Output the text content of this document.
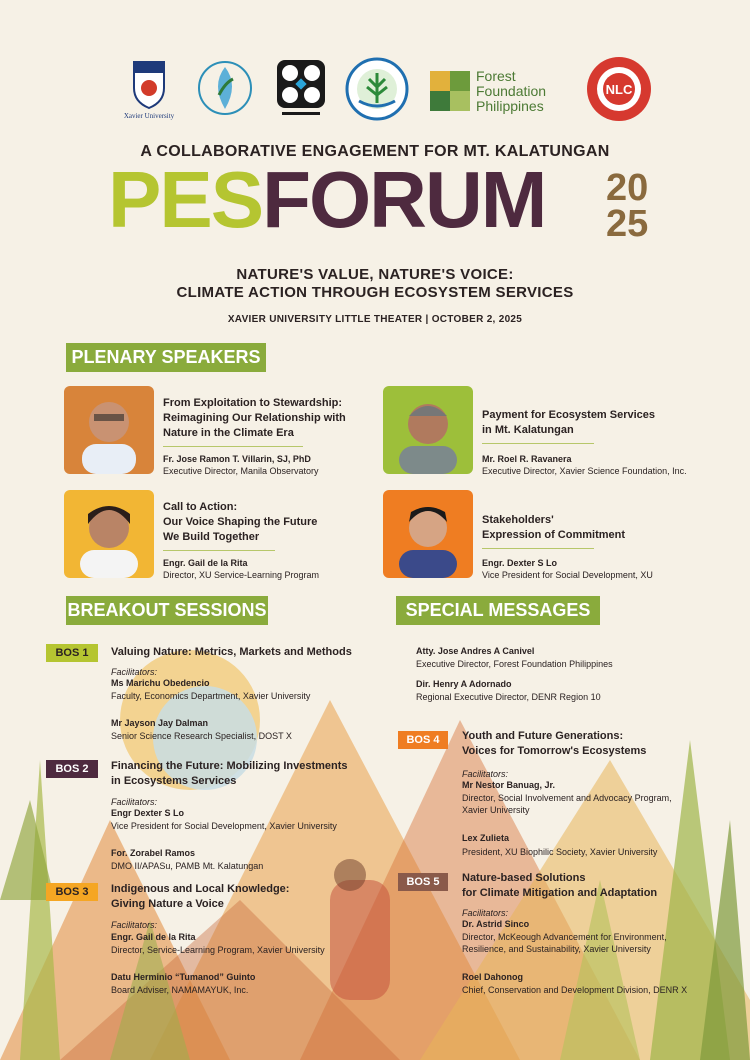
Xavier University
Forest Foundation Philippines
NLC
A COLLABORATIVE ENGAGEMENT FOR MT. KALATUNGAN
PESFORUM 20
25
NATURE'S VALUE, NATURE'S VOICE:
CLIMATE ACTION THROUGH ECOSYSTEM SERVICES
XAVIER UNIVERSITY LITTLE THEATER | OCTOBER 2, 2025
PLENARY SPEAKERS
From Exploitation to Stewardship:
Reimagining Our Relationship with
Nature in the Climate Era
Fr. Jose Ramon T. Villarin, SJ, PhD
Executive Director, Manila Observatory
Payment for Ecosystem Services
in Mt. Kalatungan
Mr. Roel R. Ravanera
Executive Director, Xavier Science Foundation, Inc.
Call to Action:
Our Voice Shaping the Future
We Build Together
Engr. Gail de la Rita
Director, XU Service-Learning Program
Stakeholders'
Expression of Commitment
Engr. Dexter S Lo
Vice President for Social Development, XU
BREAKOUT SESSIONS	SPECIAL MESSAGES
BOS 1	Valuing Nature: Metrics, Markets and Methods
Facilitators:
Ms Marichu Obedencio
Faculty, Economics Department, Xavier University
Mr Jayson Jay Dalman
Senior Science Research Specialist, DOST X
BOS 2	Financing the Future: Mobilizing Investments
in Ecosystems Services
Facilitators:
Engr Dexter S Lo
Vice President for Social Development, Xavier University
For. Zorabel Ramos
DMO II/APASu, PAMB Mt. Kalatungan
BOS 3	Indigenous and Local Knowledge:
Giving Nature a Voice
Facilitators:
Engr. Gail de la Rita
Director, Service-Learning Program, Xavier University
Datu Herminio “Tumanod” Guinto
Board Adviser, NAMAMAYUK, Inc.
Atty. Jose Andres A Canivel
Executive Director, Forest Foundation Philippines
Dir. Henry A Adornado
Regional Executive Director, DENR Region 10
BOS 4	Youth and Future Generations:
Voices for Tomorrow's Ecosystems
Facilitators:
Mr Nestor Banuag, Jr.
Director, Social Involvement and Advocacy Program,
Xavier University
Lex Zulieta
President, XU Biophilic Society, Xavier University
BOS 5	Nature-based Solutions
for Climate Mitigation and Adaptation
Facilitators:
Dr. Astrid Sinco
Director, McKeough Advancement for Environment,
Resilience, and Sustainability, Xavier University
Roel Dahonog
Chief, Conservation and Development Division, DENR X
